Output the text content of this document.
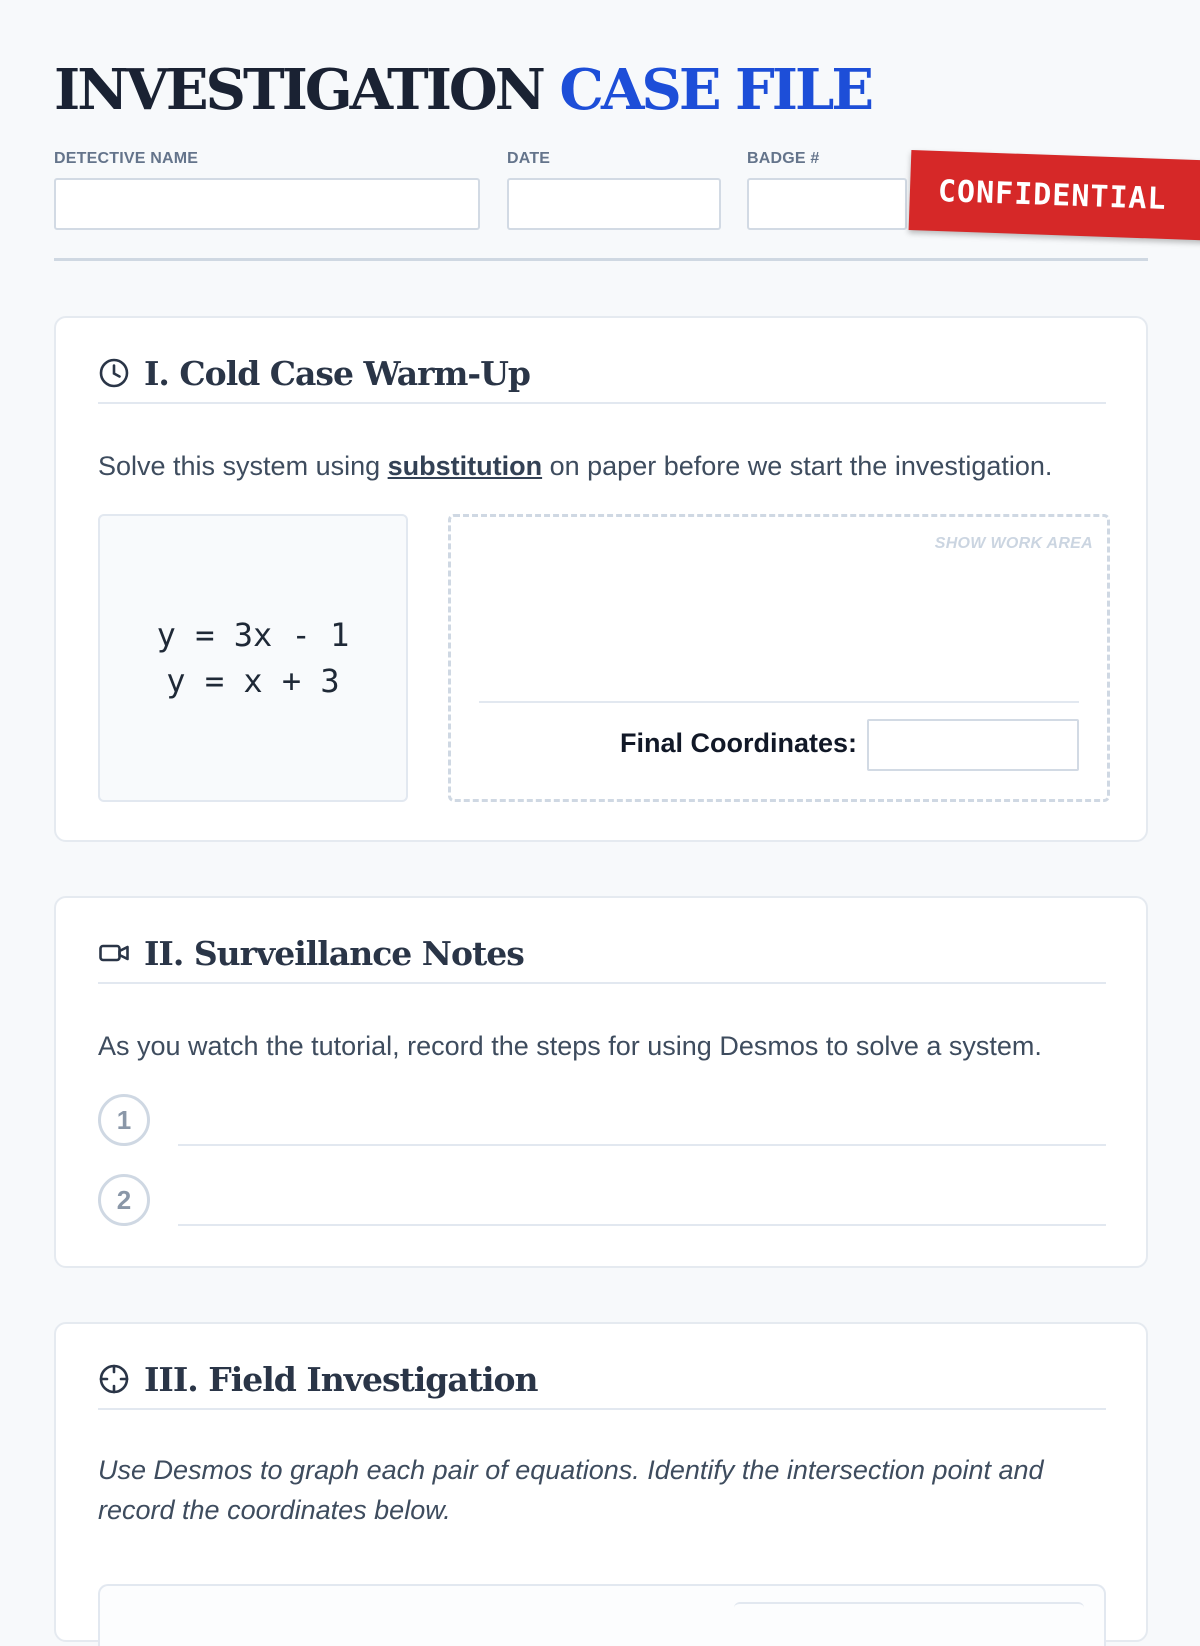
INVESTIGATION CASE FILE
DETECTIVE NAME	DATE	BADGE #
CONFIDENTIAL
I. Cold Case Warm-Up

Solve this system using substitution on paper before we start the investigation.

y = 3x - 1
y = x + 3
SHOW WORK AREA
Final Coordinates:
II. Surveillance Notes

As you watch the tutorial, record the steps for using Desmos to solve a system.

1
2
III. Field Investigation

Use Desmos to graph each pair of equations. Identify the intersection point and record the coordinates below.
